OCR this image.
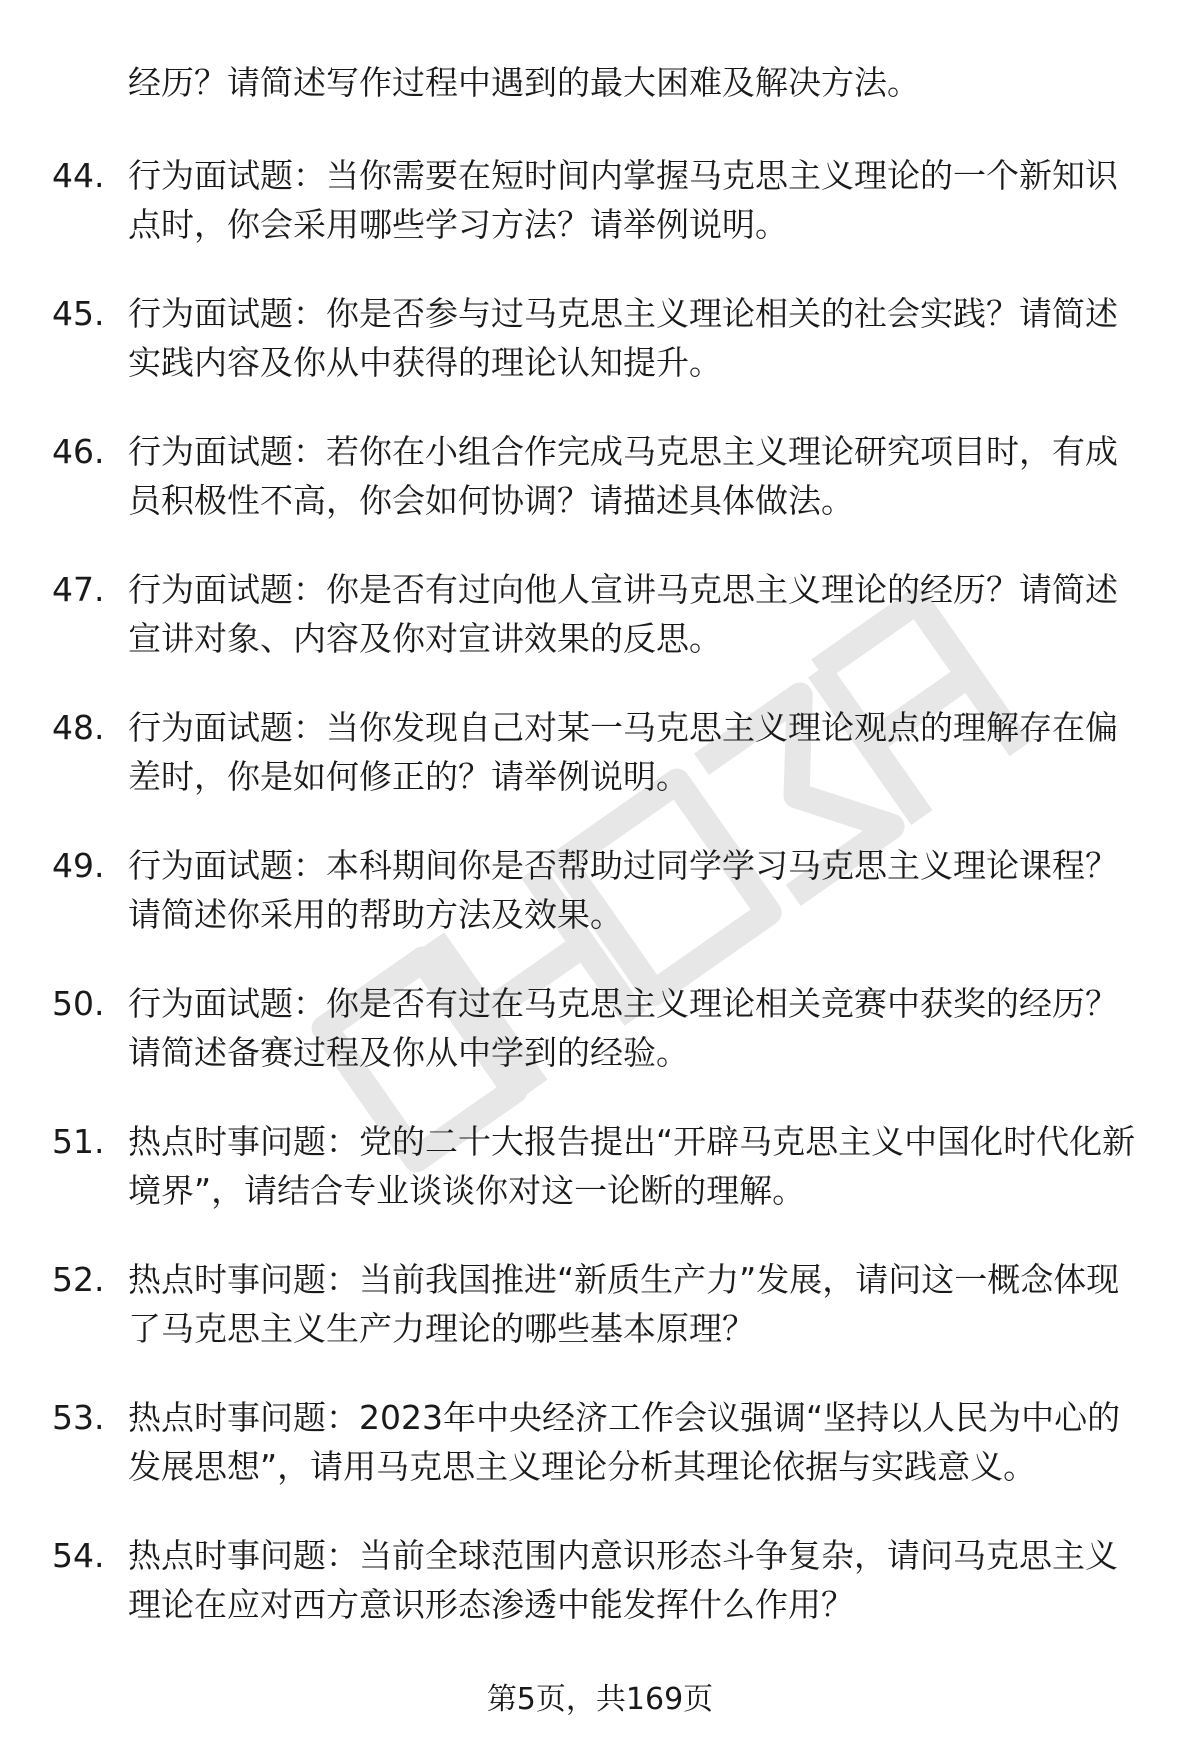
经历？请简述写作过程中遇到的最大困难及解决方法。
44. 行为面试题：当你需要在短时间内掌握马克思主义理论的一个新知识点时，你会采用哪些学习方法？请举例说明。
45. 行为面试题：你是否参与过马克思主义理论相关的社会实践？请简述实践内容及你从中获得的理论认知提升。
46. 行为面试题：若你在小组合作完成马克思主义理论研究项目时，有成员积极性不高，你会如何协调？请描述具体做法。
47. 行为面试题：你是否有过向他人宣讲马克思主义理论的经历？请简述宣讲对象、内容及你对宣讲效果的反思。
48. 行为面试题：当你发现自己对某一马克思主义理论观点的理解存在偏差时，你是如何修正的？请举例说明。
49. 行为面试题：本科期间你是否帮助过同学学习马克思主义理论课程？请简述你采用的帮助方法及效果。
50. 行为面试题：你是否有过在马克思主义理论相关竞赛中获奖的经历？请简述备赛过程及你从中学到的经验。
51. 热点时事问题：党的二十大报告提出“开辟马克思主义中国化时代化新境界”，请结合专业谈谈你对这一论断的理解。
52. 热点时事问题：当前我国推进“新质生产力”发展，请问这一概念体现了马克思主义生产力理论的哪些基本原理？
53. 热点时事问题：2023年中央经济工作会议强调“坚持以人民为中心的发展思想”，请用马克思主义理论分析其理论依据与实践意义。
54. 热点时事问题：当前全球范围内意识形态斗争复杂，请问马克思主义理论在应对西方意识形态渗透中能发挥什么作用？
第5页，共169页
